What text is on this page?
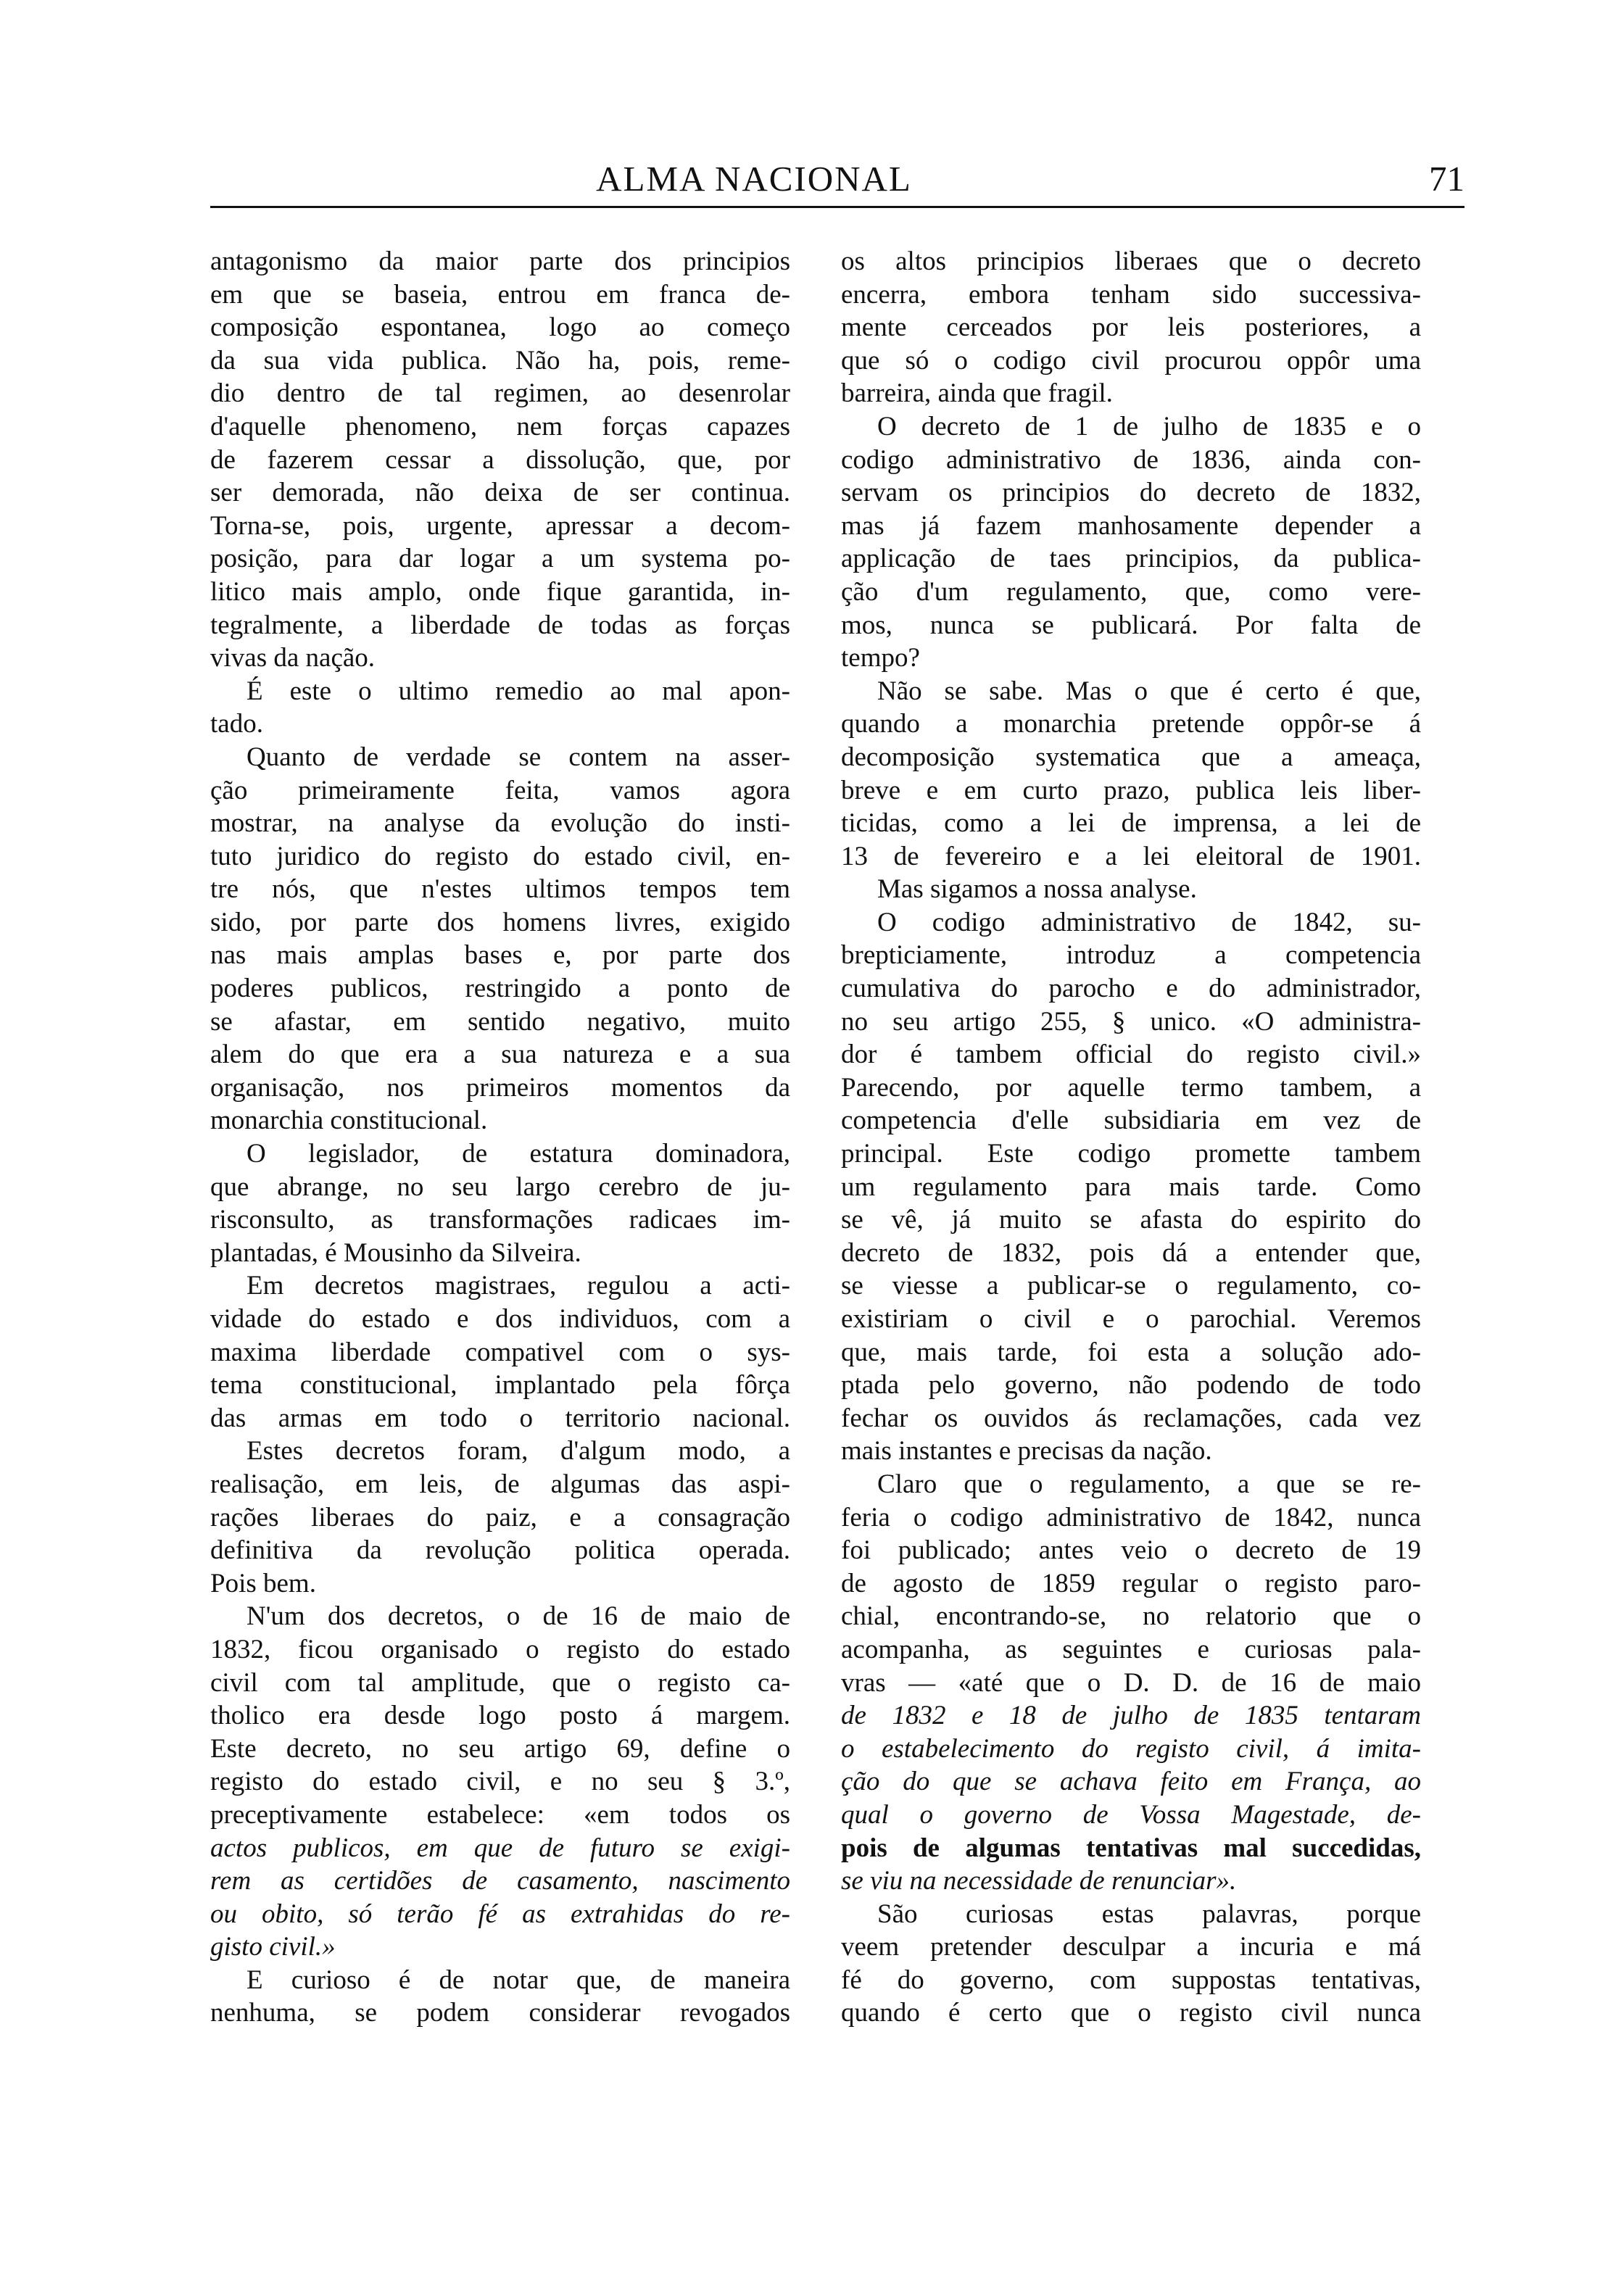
ALMA NACIONAL	71
antagonismo da maior parte dos principios
em que se baseia, entrou em franca de-
composição espontanea, logo ao começo
da sua vida publica. Não ha, pois, reme-
dio dentro de tal regimen, ao desenrolar
d'aquelle phenomeno, nem forças capazes
de fazerem cessar a dissolução, que, por
ser demorada, não deixa de ser continua.
Torna-se, pois, urgente, apressar a decom-
posição, para dar logar a um systema po-
litico mais amplo, onde fique garantida, in-
tegralmente, a liberdade de todas as forças
vivas da nação.
É este o ultimo remedio ao mal apon-
tado.
Quanto de verdade se contem na asser-
ção primeiramente feita, vamos agora
mostrar, na analyse da evolução do insti-
tuto juridico do registo do estado civil, en-
tre nós, que n'estes ultimos tempos tem
sido, por parte dos homens livres, exigido
nas mais amplas bases e, por parte dos
poderes publicos, restringido a ponto de
se afastar, em sentido negativo, muito
alem do que era a sua natureza e a sua
organisação, nos primeiros momentos da
monarchia constitucional.
O legislador, de estatura dominadora,
que abrange, no seu largo cerebro de ju-
risconsulto, as transformações radicaes im-
plantadas, é Mousinho da Silveira.
Em decretos magistraes, regulou a acti-
vidade do estado e dos individuos, com a
maxima liberdade compativel com o sys-
tema constitucional, implantado pela fôrça
das armas em todo o territorio nacional.
Estes decretos foram, d'algum modo, a
realisação, em leis, de algumas das aspi-
rações liberaes do paiz, e a consagração
definitiva da revolução politica operada.
Pois bem.
N'um dos decretos, o de 16 de maio de
1832, ficou organisado o registo do estado
civil com tal amplitude, que o registo ca-
tholico era desde logo posto á margem.
Este decreto, no seu artigo 69, define o
registo do estado civil, e no seu § 3.º,
preceptivamente estabelece: «em todos os
actos publicos, em que de futuro se exigi-
rem as certidões de casamento, nascimento
ou obito, só terão fé as extrahidas do re-
gisto civil.»
E curioso é de notar que, de maneira
nenhuma, se podem considerar revogados
os altos principios liberaes que o decreto
encerra, embora tenham sido successiva-
mente cerceados por leis posteriores, a
que só o codigo civil procurou oppôr uma
barreira, ainda que fragil.
O decreto de 1 de julho de 1835 e o
codigo administrativo de 1836, ainda con-
servam os principios do decreto de 1832,
mas já fazem manhosamente depender a
applicação de taes principios, da publica-
ção d'um regulamento, que, como vere-
mos, nunca se publicará. Por falta de
tempo?
Não se sabe. Mas o que é certo é que,
quando a monarchia pretende oppôr-se á
decomposição systematica que a ameaça,
breve e em curto prazo, publica leis liber-
ticidas, como a lei de imprensa, a lei de
13 de fevereiro e a lei eleitoral de 1901.
Mas sigamos a nossa analyse.
O codigo administrativo de 1842, su-
brepticiamente, introduz a competencia
cumulativa do parocho e do administrador,
no seu artigo 255, § unico. «O administra-
dor é tambem official do registo civil.»
Parecendo, por aquelle termo tambem, a
competencia d'elle subsidiaria em vez de
principal. Este codigo promette tambem
um regulamento para mais tarde. Como
se vê, já muito se afasta do espirito do
decreto de 1832, pois dá a entender que,
se viesse a publicar-se o regulamento, co-
existiriam o civil e o parochial. Veremos
que, mais tarde, foi esta a solução ado-
ptada pelo governo, não podendo de todo
fechar os ouvidos ás reclamações, cada vez
mais instantes e precisas da nação.
Claro que o regulamento, a que se re-
feria o codigo administrativo de 1842, nunca
foi publicado; antes veio o decreto de 19
de agosto de 1859 regular o registo paro-
chial, encontrando-se, no relatorio que o
acompanha, as seguintes e curiosas pala-
vras — «até que o D. D. de 16 de maio
de 1832 e 18 de julho de 1835 tentaram
o estabelecimento do registo civil, á imita-
ção do que se achava feito em França, ao
qual o governo de Vossa Magestade, de-
pois de algumas tentativas mal succedidas,
se viu na necessidade de renunciar».
São curiosas estas palavras, porque
veem pretender desculpar a incuria e má
fé do governo, com suppostas tentativas,
quando é certo que o registo civil nunca
